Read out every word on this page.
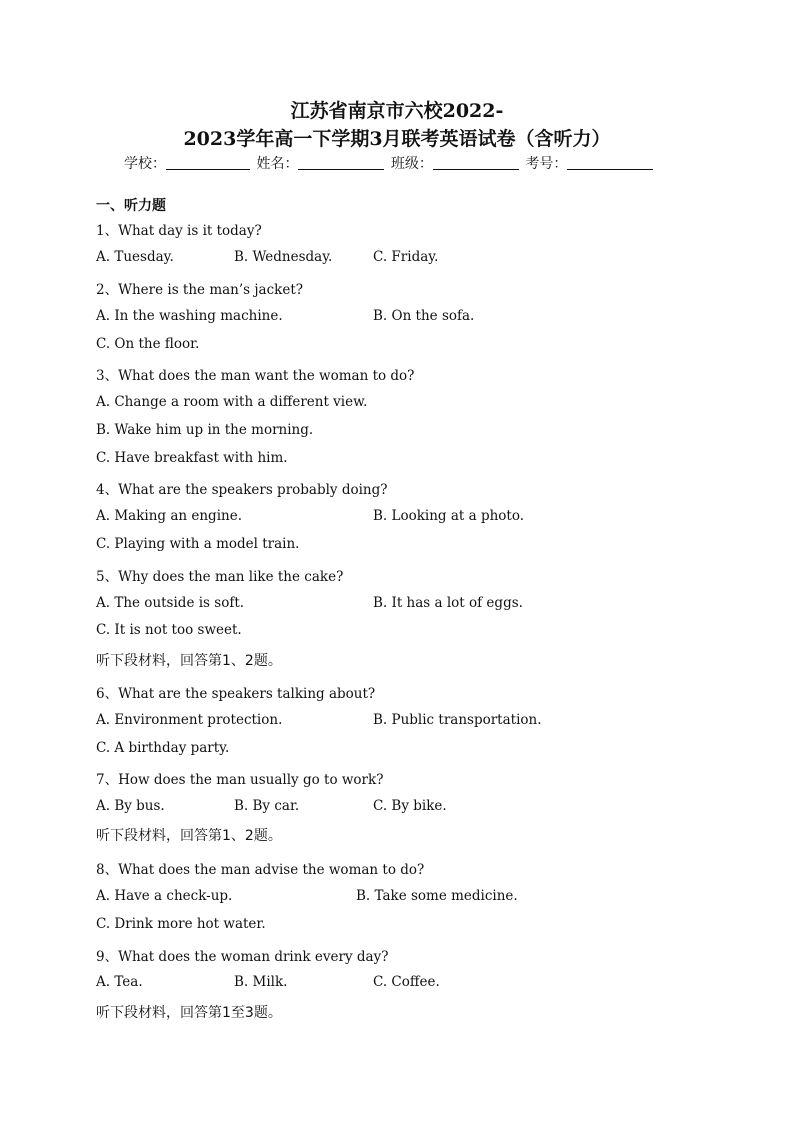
江苏省南京市六校2022-
2023学年高一下学期3月联考英语试卷（含听力）
学校：	姓名：	班级：	考号：
一、听力题
1、What day is it today?
A. Tuesday.	B. Wednesday.	C. Friday.
2、Where is the man’s jacket?
A. In the washing machine.	B. On the sofa.
C. On the floor.
3、What does the man want the woman to do?
A. Change a room with a different view.
B. Wake him up in the morning.
C. Have breakfast with him.
4、What are the speakers probably doing?
A. Making an engine.	B. Looking at a photo.
C. Playing with a model train.
5、Why does the man like the cake?
A. The outside is soft.	B. It has a lot of eggs.
C. It is not too sweet.
听下段材料，回答第1、2题。
6、What are the speakers talking about?
A. Environment protection.	B. Public transportation.
C. A birthday party.
7、How does the man usually go to work?
A. By bus.	B. By car.	C. By bike.
听下段材料，回答第1、2题。
8、What does the man advise the woman to do?
A. Have a check-up.	B. Take some medicine.
C. Drink more hot water.
9、What does the woman drink every day?
A. Tea.	B. Milk.	C. Coffee.
听下段材料，回答第1至3题。
